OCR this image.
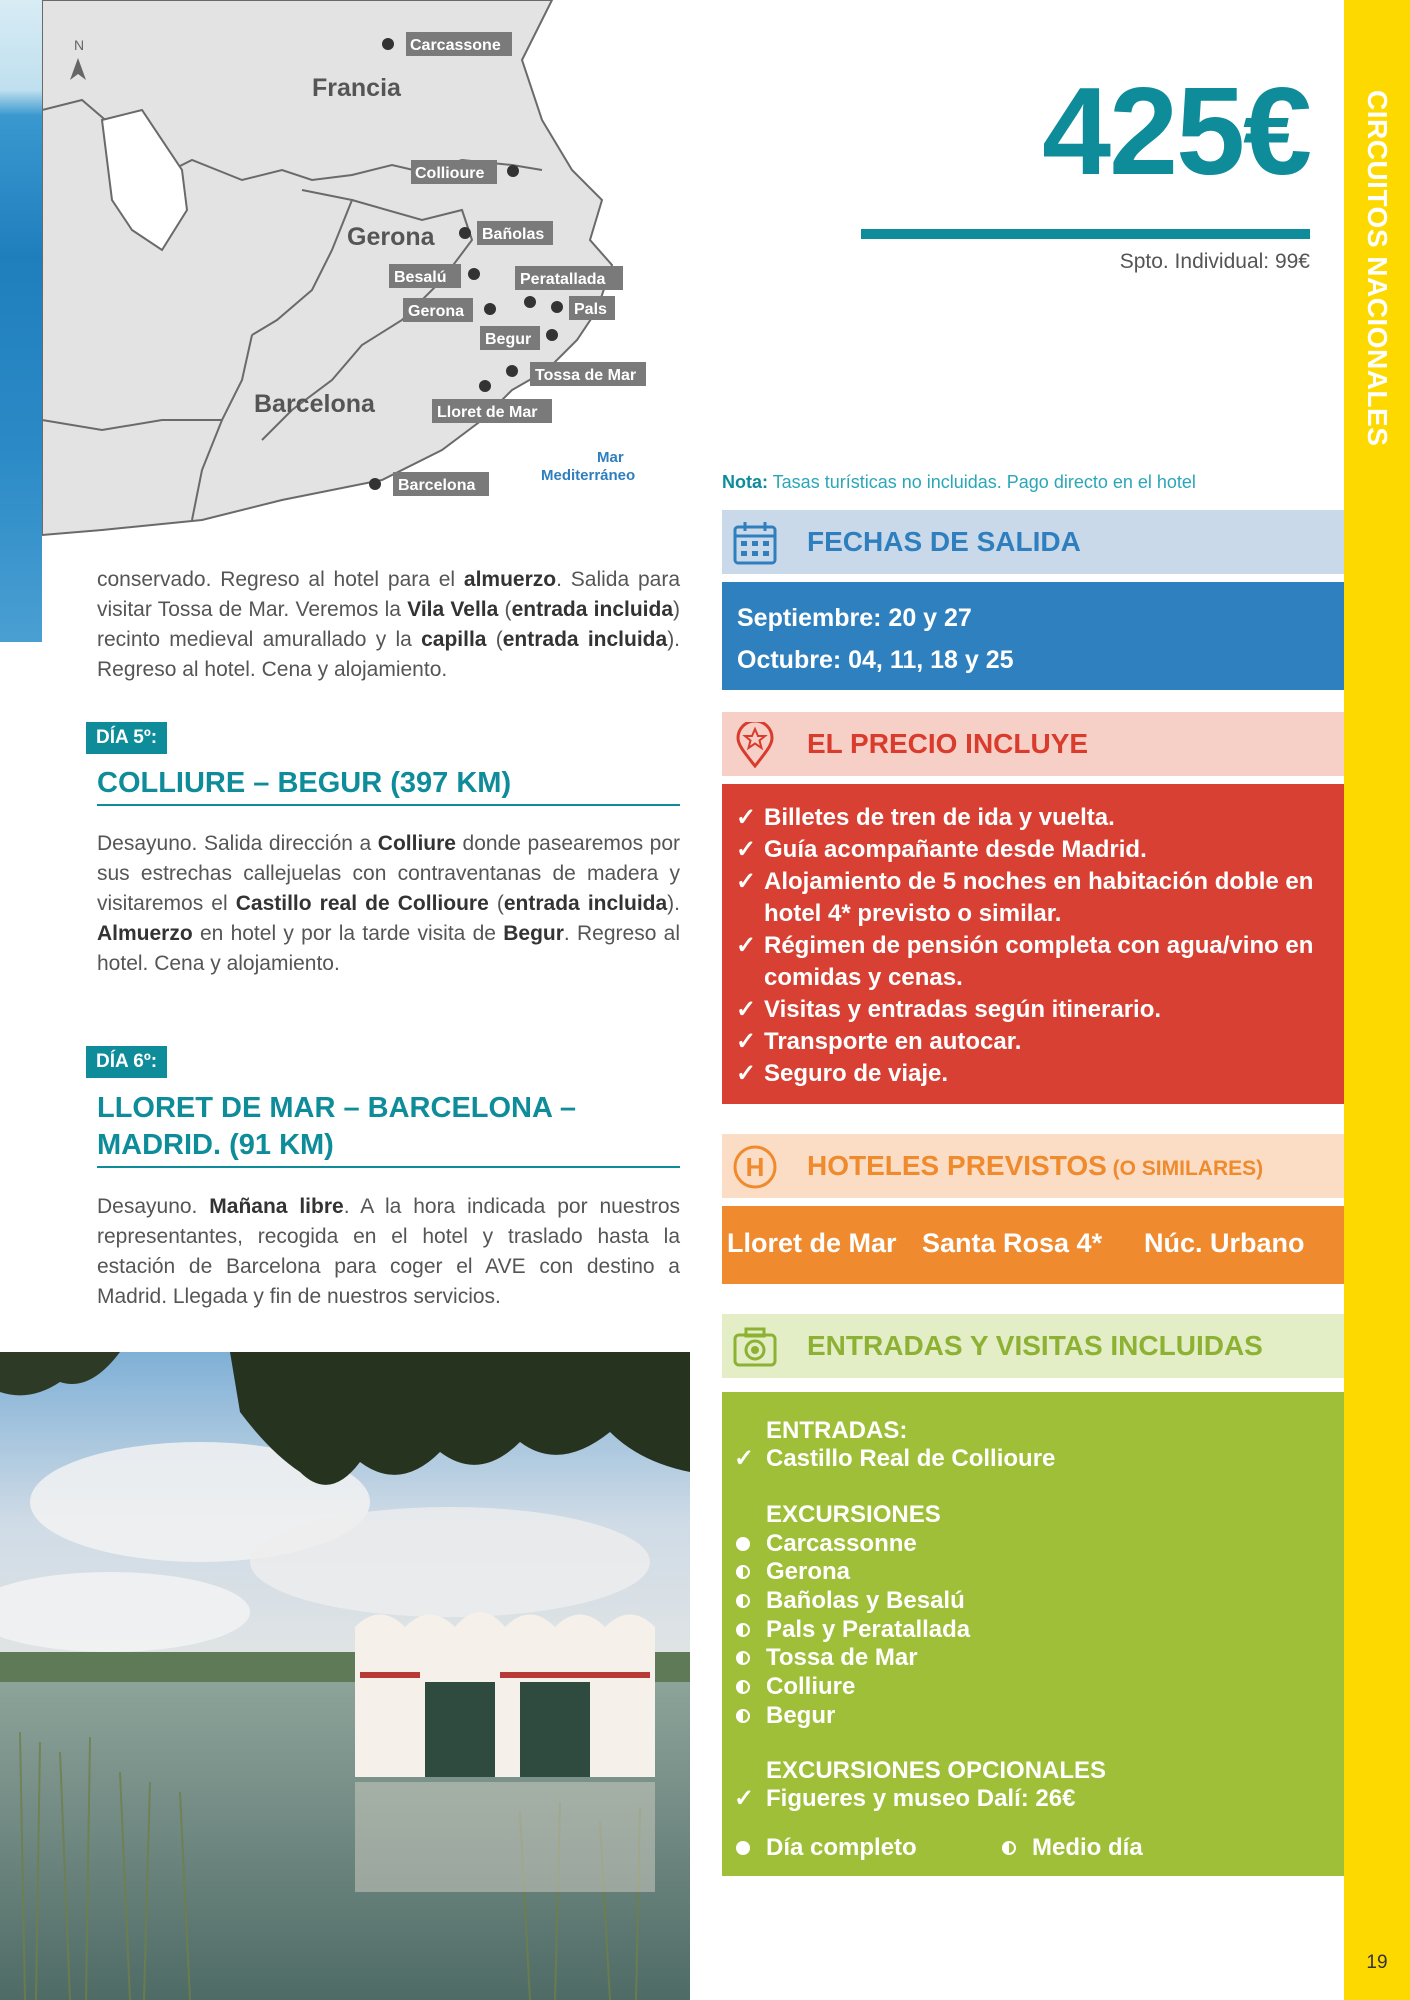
N
Francia
Gerona
Barcelona
Mar
Mediterráneo
Carcassone
Collioure
Bañolas
Besalú	Peratallada
Gerona	Pals
Begur
Tossa de Mar
Lloret de Mar
Barcelona
CIRCUITOS NACIONALES
19
425€
Spto. Individual: 99€
Nota: Tasas turísticas no incluidas. Pago directo en el hotel
conservado. Regreso al hotel para el almuerzo. Salida para visitar Tossa de Mar. Veremos la Vila Vella (entrada incluida) recinto medieval amurallado y la capilla (entrada incluida). Regreso al hotel. Cena y alojamiento.
DÍA 5º:
COLLIURE – BEGUR (397 KM)
Desayuno. Salida dirección a Colliure donde pasearemos por sus estrechas callejuelas con contraventanas de madera y visitaremos el Castillo real de Collioure (entrada incluida). Almuerzo en hotel y por la tarde visita de Begur. Regreso al hotel. Cena y alojamiento.
DÍA 6º:
LLORET DE MAR – BARCELONA –
MADRID. (91 KM)
Desayuno. Mañana libre. A la hora indicada por nuestros representantes, recogida en el hotel y traslado hasta la estación de Barcelona para coger el AVE con destino a Madrid. Llegada y fin de nuestros servicios.
FECHAS DE SALIDA
Septiembre: 20 y 27
Octubre: 04, 11, 18 y 25
EL PRECIO INCLUYE
✓ Billetes de tren de ida y vuelta.
✓ Guía acompañante desde Madrid.
✓ Alojamiento de 5 noches en habitación doble en hotel 4* previsto o similar.
✓ Régimen de pensión completa con agua/vino en comidas y cenas.
✓ Visitas y entradas según itinerario.
✓ Transporte en autocar.
✓ Seguro de viaje.
H HOTELES PREVISTOS (O SIMILARES)
Lloret de Mar Santa Rosa 4* Núc. Urbano
ENTRADAS Y VISITAS INCLUIDAS
ENTRADAS:
✓ Castillo Real de Collioure
EXCURSIONES
Carcassonne
Gerona
Bañolas y Besalú
Pals y Peratallada
Tossa de Mar
Colliure
Begur
EXCURSIONES OPCIONALES
✓ Figueres y museo Dalí: 26€
Día completo	Medio día
